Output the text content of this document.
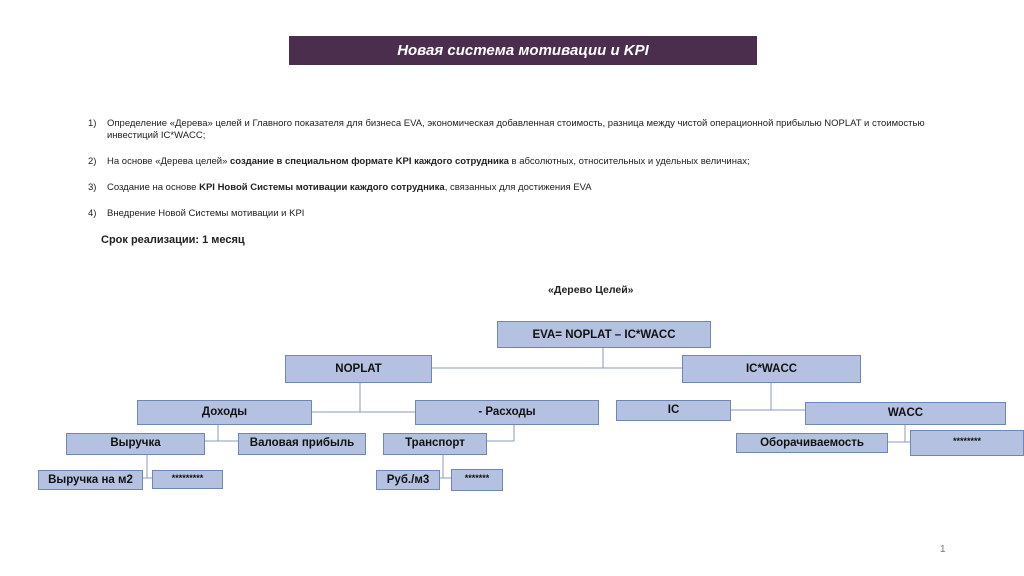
Новая система мотивации и KPI
1)	Определение «Дерева» целей и Главного показателя для бизнеса EVA, экономическая добавленная стоимость, разница между чистой операционной прибылью NOPLAT и стоимостью инвестиций IC*WACC;
2)	На основе «Дерева целей» создание в специальном формате KPI каждого сотрудника в абсолютных, относительных и удельных величинах;
3)	Создание на основе KPI Новой Системы мотивации каждого сотрудника, связанных для достижения EVA
4)	Внедрение Новой Системы мотивации и KPI
Срок реализации: 1 месяц
«Дерево Целей»
EVA= NOPLAT – IC*WACC
NOPLAT	IC*WACC
Доходы	- Расходы	IC	WACC
Выручка	Валовая прибыль	Транспорт	Оборачиваемость	********
Выручка на м2	*********	Руб./м3	*******
1
